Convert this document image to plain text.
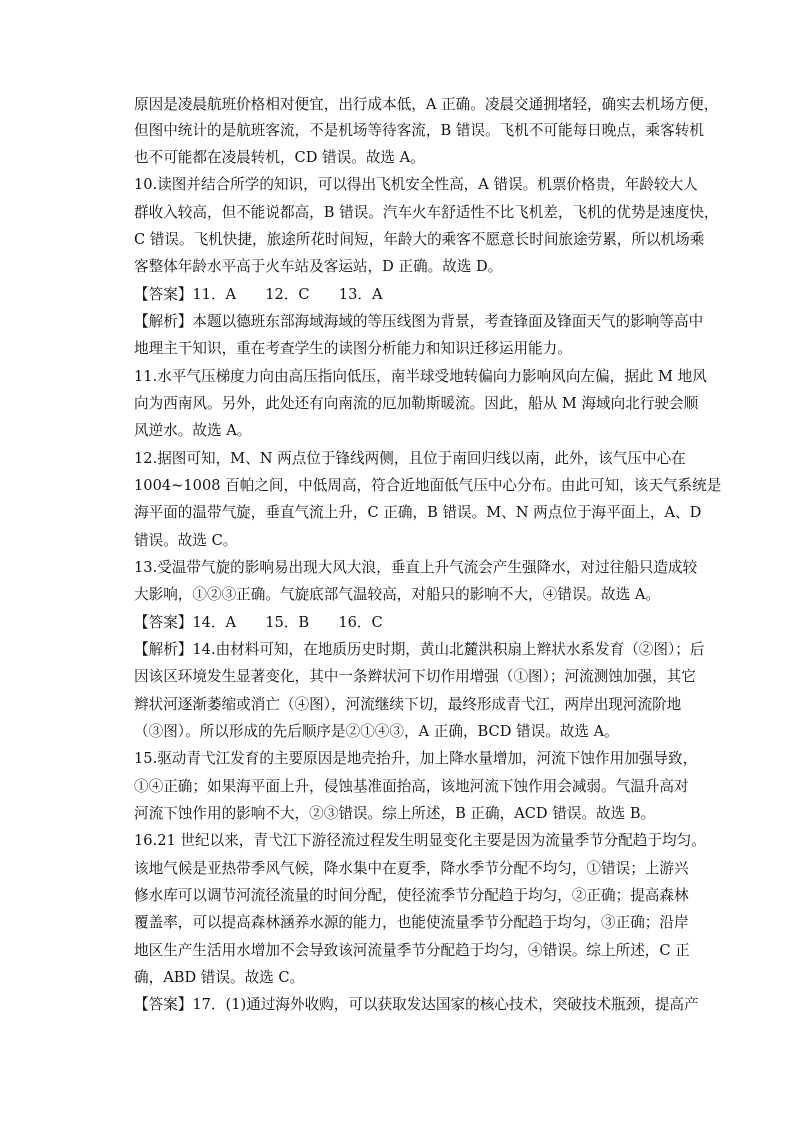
原因是凌晨航班价格相对便宜，出行成本低，A 正确。凌晨交通拥堵轻，确实去机场方便，
但图中统计的是航班客流，不是机场等待客流，B 错误。飞机不可能每日晚点，乘客转机
也不可能都在凌晨转机，CD 错误。故选 A。
10.读图并结合所学的知识，可以得出飞机安全性高，A 错误。机票价格贵，年龄较大人
群收入较高，但不能说都高，B 错误。汽车火车舒适性不比飞机差，飞机的优势是速度快，
C 错误。飞机快捷，旅途所花时间短，年龄大的乘客不愿意长时间旅途劳累，所以机场乘
客整体年龄水平高于火车站及客运站，D 正确。故选 D。
【答案】11．A　　12．C　　13．A
【解析】本题以德班东部海域海域的等压线图为背景，考查锋面及锋面天气的影响等高中
地理主干知识，重在考查学生的读图分析能力和知识迁移运用能力。
11.水平气压梯度力向由高压指向低压，南半球受地转偏向力影响风向左偏，据此 M 地风
向为西南风。另外，此处还有向南流的厄加勒斯暖流。因此，船从 M 海域向北行驶会顺
风逆水。故选 A。
12.据图可知，M、N 两点位于锋线两侧，且位于南回归线以南，此外，该气压中心在
1004~1008 百帕之间，中低周高，符合近地面低气压中心分布。由此可知，该天气系统是
海平面的温带气旋，垂直气流上升，C 正确，B 错误。M、N 两点位于海平面上，A、D
错误。故选 C。
13.受温带气旋的影响易出现大风大浪，垂直上升气流会产生强降水，对过往船只造成较
大影响，①②③正确。气旋底部气温较高，对船只的影响不大，④错误。故选 A。
【答案】14．A　　15．B　　16．C
【解析】14.由材料可知，在地质历史时期，黄山北麓洪积扇上辫状水系发育（②图）；后
因该区环境发生显著变化，其中一条辫状河下切作用增强（①图）；河流测蚀加强，其它
辫状河逐渐萎缩或消亡（④图），河流继续下切，最终形成青弋江，两岸出现河流阶地
（③图）。所以形成的先后顺序是②①④③，A 正确，BCD 错误。故选 A。
15.驱动青弋江发育的主要原因是地壳抬升，加上降水量增加，河流下蚀作用加强导致，
①④正确；如果海平面上升，侵蚀基准面抬高，该地河流下蚀作用会减弱。气温升高对
河流下蚀作用的影响不大，②③错误。综上所述，B 正确，ACD 错误。故选 B。
16.21 世纪以来，青弋江下游径流过程发生明显变化主要是因为流量季节分配趋于均匀。
该地气候是亚热带季风气候，降水集中在夏季，降水季节分配不均匀，①错误；上游兴
修水库可以调节河流径流量的时间分配，使径流季节分配趋于均匀，②正确；提高森林
覆盖率，可以提高森林涵养水源的能力，也能使流量季节分配趋于均匀，③正确；沿岸
地区生产生活用水增加不会导致该河流量季节分配趋于均匀，④错误。综上所述，C 正
确，ABD 错误。故选 C。
【答案】17．(1)通过海外收购，可以获取发达国家的核心技术，突破技术瓶颈，提高产
